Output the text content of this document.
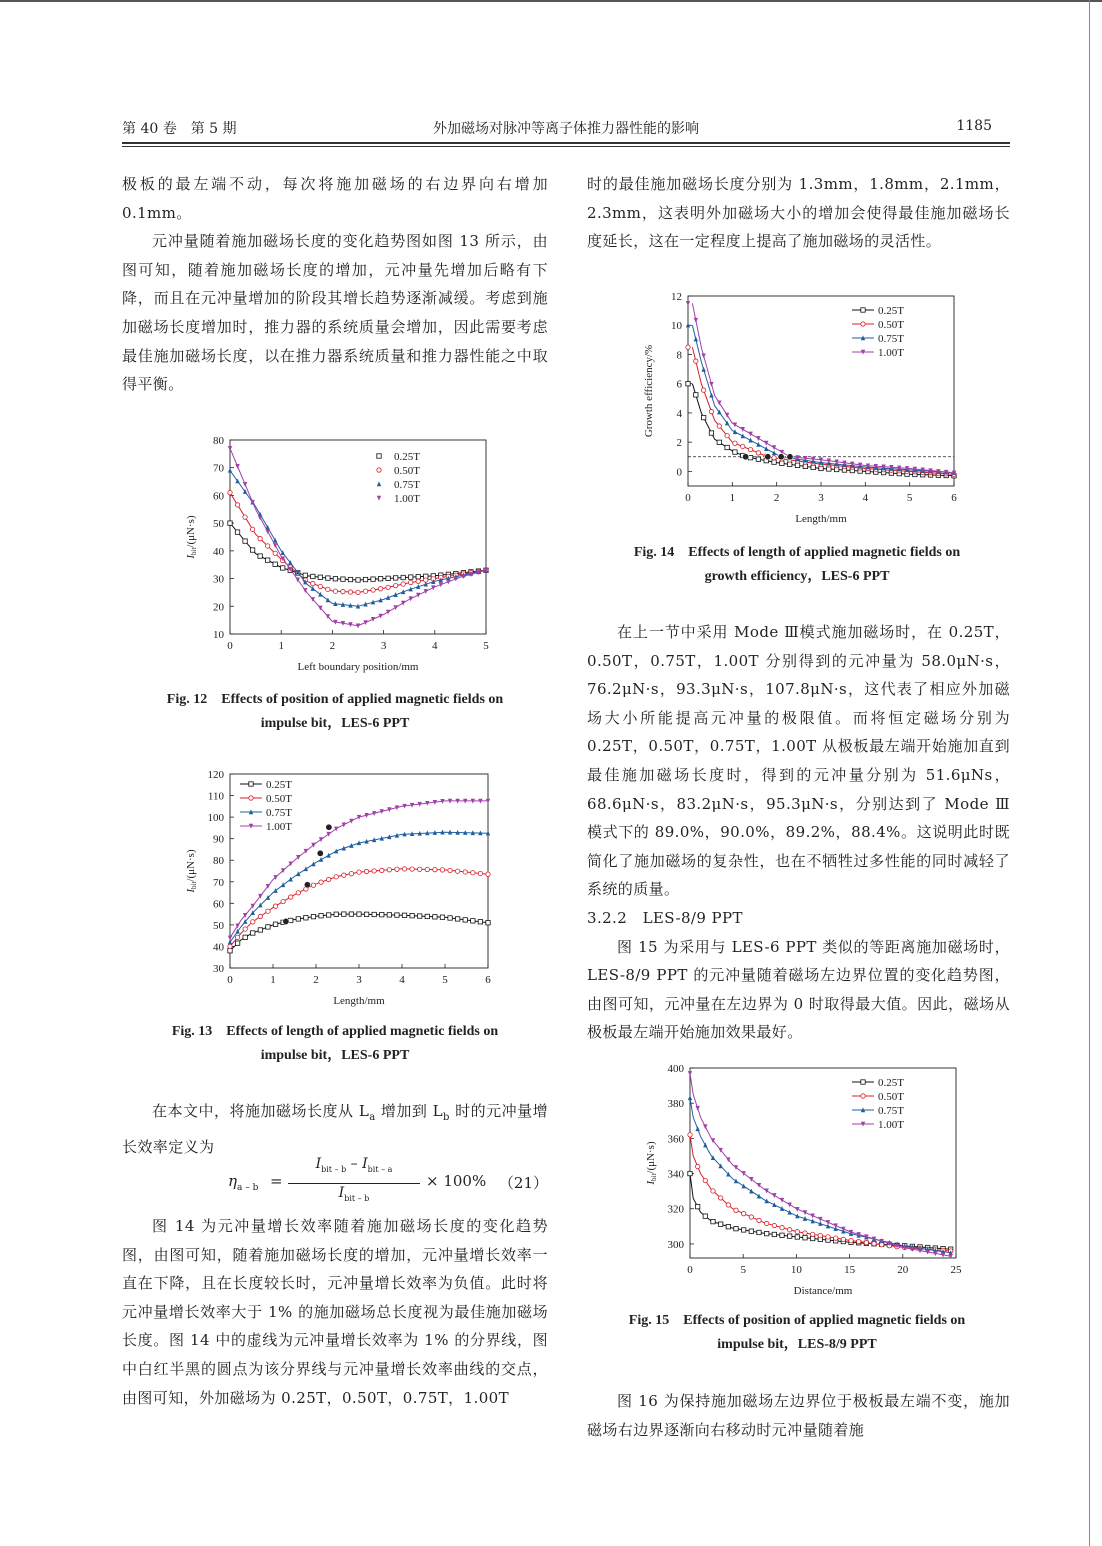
第 40 卷　第 5 期	外加磁场对脉冲等离子体推力器性能的影响	1185

极板的最左端不动，每次将施加磁场的右边界向右增加 0.1mm。

元冲量随着施加磁场长度的变化趋势图如图 13 所示，由图可知，随着施加磁场长度的增加，元冲量先增加后略有下降，而且在元冲量增加的阶段其增长趋势逐渐减缓。考虑到施加磁场长度增加时，推力器的系统质量会增加，因此需要考虑最佳施加磁场长度，以在推力器系统质量和推力器性能之中取得平衡。

0	1	2	3	4	5
10
20
30
40
50
60
70
80
Left boundary position/mm
Ibit/(μN·s)
0.25T
0.50T
0.75T
1.00T
Fig. 12　Effects of position of applied magnetic fields on
impulse bit，LES-6 PPT
0	1	2	3	4	5	6
30
40
50
60
70
80
90
100
110
120
Length/mm
Ibit/(μN·s)
0.25T
0.50T
0.75T
1.00T
Fig. 13　Effects of length of applied magnetic fields on
impulse bit，LES-6 PPT

在本文中，将施加磁场长度从 $L_a$ 增加到 $L_b$ 时的元冲量增长效率定义为

$\eta_{a - b}$ =
$I_{bit - b} - I_{bit - a}$
$I_{bit - b}$
× 100% （21）

图 14 为元冲量增长效率随着施加磁场长度的变化趋势图，由图可知，随着施加磁场长度的增加，元冲量增长效率一直在下降，且在长度较长时，元冲量增长效率为负值。此时将元冲量增长效率大于 1% 的施加磁场总长度视为最佳施加磁场长度。图 14 中的虚线为元冲量增长效率为 1% 的分界线，图中白红半黑的圆点为该分界线与元冲量增长效率曲线的交点，由图可知，外加磁场为 0.25T，0.50T，0.75T，1.00T

时的最佳施加磁场长度分别为 1.3mm，1.8mm，2.1mm，2.3mm，这表明外加磁场大小的增加会使得最佳施加磁场长度延长，这在一定程度上提高了施加磁场的灵活性。

0	1	2	3	4	5	6
0
2
4
6
8
10
12
Length/mm
Growth efficiency/%
0.25T
0.50T
0.75T
1.00T
Fig. 14　Effects of length of applied magnetic fields on
growth efficiency，LES-6 PPT

在上一节中采用 Mode Ⅲ模式施加磁场时，在 0.25T，0.50T，0.75T，1.00T 分别得到的元冲量为 58.0μN·s，76.2μN·s，93.3μN·s，107.8μN·s，这代表了相应外加磁场大小所能提高元冲量的极限值。而将恒定磁场分别为 0.25T，0.50T，0.75T，1.00T 从极板最左端开始施加直到最佳施加磁场长度时，得到的元冲量分别为 51.6μNs，68.6μN·s，83.2μN·s，95.3μN·s，分别达到了 Mode Ⅲ模式下的 89.0%，90.0%，89.2%，88.4%。这说明此时既简化了施加磁场的复杂性，也在不牺牲过多性能的同时减轻了系统的质量。

3.2.2　LES-8/9 PPT

图 15 为采用与 LES-6 PPT 类似的等距离施加磁场时，LES-8/9 PPT 的元冲量随着磁场左边界位置的变化趋势图，由图可知，元冲量在左边界为 0 时取得最大值。因此，磁场从极板最左端开始施加效果最好。

0	5	10	15	20	25
300
320
340
360
380
400
Distance/mm
Ibit/(μN·s)
0.25T
0.50T
0.75T
1.00T
Fig. 15　Effects of position of applied magnetic fields on
impulse bit，LES-8/9 PPT

图 16 为保持施加磁场左边界位于极板最左端不变，施加磁场右边界逐渐向右移动时元冲量随着施
